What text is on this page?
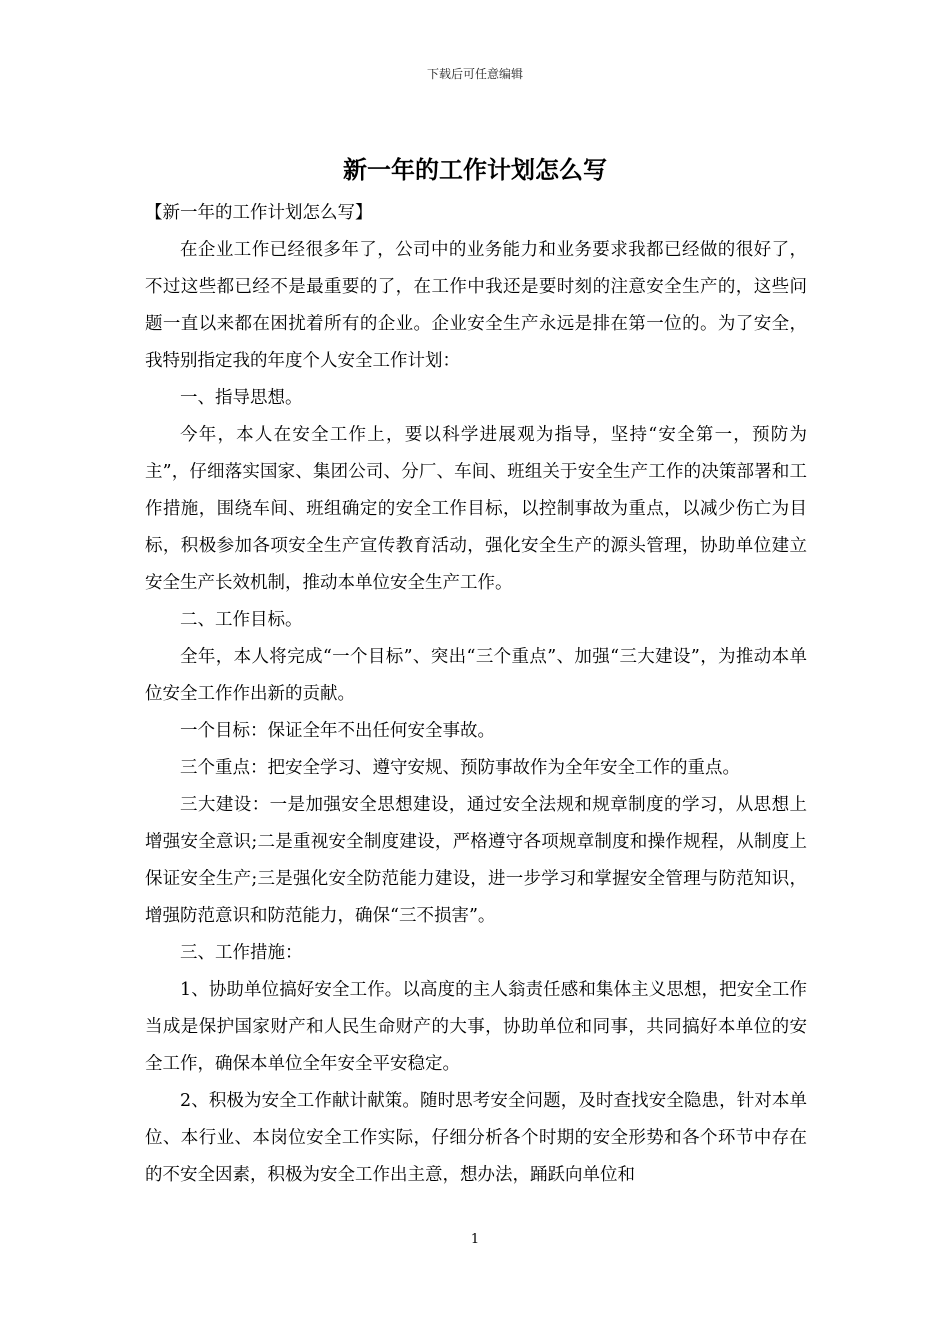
下载后可任意编辑
新一年的工作计划怎么写

【新一年的工作计划怎么写】

在企业工作已经很多年了，公司中的业务能力和业务要求我都已经做的很好了，不过这些都已经不是最重要的了，在工作中我还是要时刻的注意安全生产的，这些问题一直以来都在困扰着所有的企业。企业安全生产永远是排在第一位的。为了安全，我特别指定我的年度个人安全工作计划：

一、指导思想。

今年，本人在安全工作上，要以科学进展观为指导，坚持“安全第一，预防为主”，仔细落实国家、集团公司、分厂、车间、班组关于安全生产工作的决策部署和工作措施，围绕车间、班组确定的安全工作目标，以控制事故为重点，以减少伤亡为目标，积极参加各项安全生产宣传教育活动，强化安全生产的源头管理，协助单位建立安全生产长效机制，推动本单位安全生产工作。

二、工作目标。

全年，本人将完成“一个目标”、突出“三个重点”、加强“三大建设”，为推动本单位安全工作作出新的贡献。

一个目标：保证全年不出任何安全事故。

三个重点：把安全学习、遵守安规、预防事故作为全年安全工作的重点。

三大建设：一是加强安全思想建设，通过安全法规和规章制度的学习，从思想上增强安全意识;二是重视安全制度建设，严格遵守各项规章制度和操作规程，从制度上保证安全生产;三是强化安全防范能力建设，进一步学习和掌握安全管理与防范知识，增强防范意识和防范能力，确保“三不损害”。

三、工作措施：

1、协助单位搞好安全工作。以高度的主人翁责任感和集体主义思想，把安全工作当成是保护国家财产和人民生命财产的大事，协助单位和同事，共同搞好本单位的安全工作，确保本单位全年安全平安稳定。

2、积极为安全工作献计献策。随时思考安全问题，及时查找安全隐患，针对本单位、本行业、本岗位安全工作实际，仔细分析各个时期的安全形势和各个环节中存在的不安全因素，积极为安全工作出主意，想办法，踊跃向单位和

1
